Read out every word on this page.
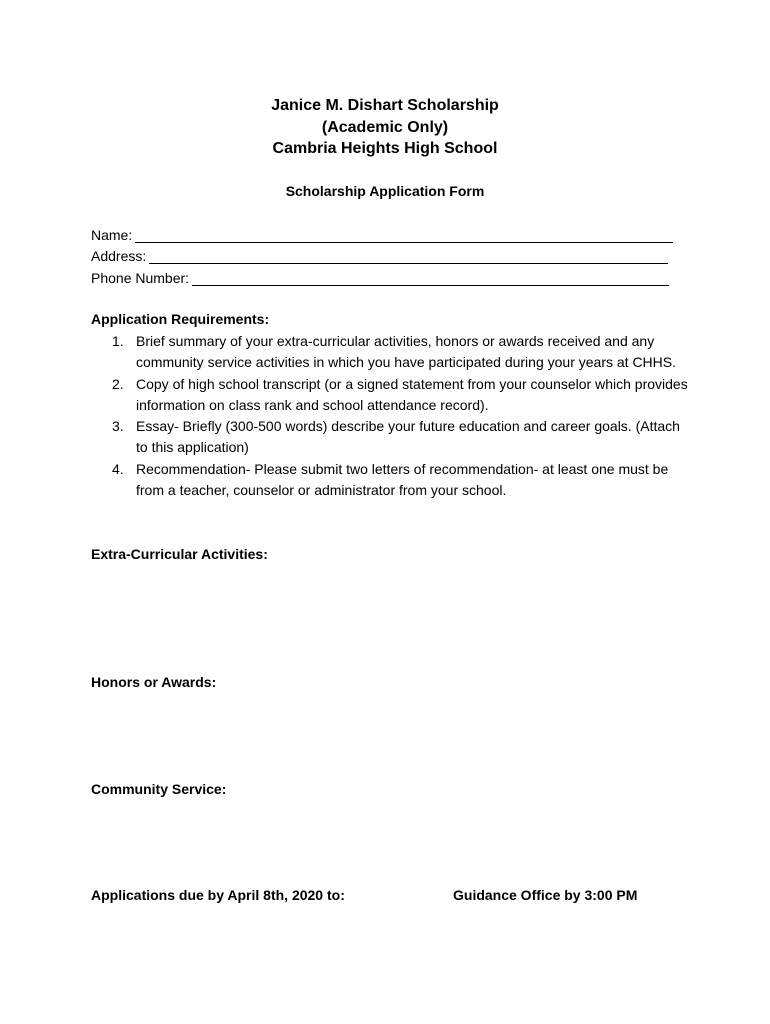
Janice M. Dishart Scholarship
(Academic Only)
Cambria Heights High School
Scholarship Application Form
Name:
Address:
Phone Number:
Application Requirements:
1. Brief summary of your extra-curricular activities, honors or awards received and any community service activities in which you have participated during your years at CHHS.
2. Copy of high school transcript (or a signed statement from your counselor which provides information on class rank and school attendance record).
3. Essay- Briefly (300-500 words) describe your future education and career goals. (Attach to this application)
4. Recommendation- Please submit two letters of recommendation- at least one must be from a teacher, counselor or administrator from your school.
Extra-Curricular Activities:
Honors or Awards:
Community Service:
Applications due by April 8th, 2020 to:	Guidance Office by 3:00 PM
